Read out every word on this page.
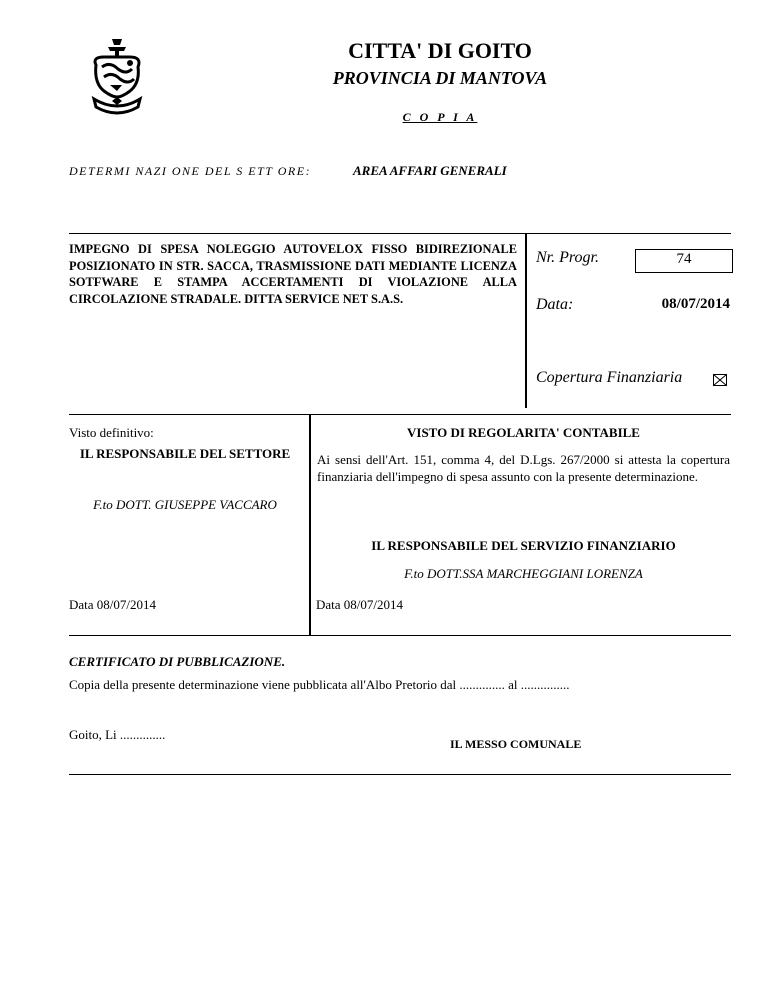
CITTA' DI GOITO
PROVINCIA DI MANTOVA
C O P I A
DETERMI NAZI ONE DEL S ETT ORE:	AREA AFFARI GENERALI
IMPEGNO DI SPESA NOLEGGIO AUTOVELOX FISSO BIDIREZIONALE POSIZIONATO IN STR. SACCA, TRASMISSIONE DATI MEDIANTE LICENZA SOTFWARE E STAMPA ACCERTAMENTI DI VIOLAZIONE ALLA CIRCOLAZIONE STRADALE. DITTA SERVICE NET S.A.S.
Nr. Progr.	74
Data:	08/07/2014
Copertura Finanziaria
Visto definitivo:
IL RESPONSABILE DEL SETTORE
F.to DOTT. GIUSEPPE VACCARO
Data 08/07/2014
VISTO DI REGOLARITA' CONTABILE
Ai sensi dell'Art. 151, comma 4, del D.Lgs. 267/2000 si attesta la copertura finanziaria dell'impegno di spesa assunto con la presente determinazione.
IL RESPONSABILE DEL SERVIZIO FINANZIARIO
F.to DOTT.SSA MARCHEGGIANI LORENZA
Data 08/07/2014
CERTIFICATO DI PUBBLICAZIONE.
Copia della presente determinazione viene pubblicata all'Albo Pretorio dal .............. al ...............
Goito, Li ..............
IL MESSO COMUNALE
